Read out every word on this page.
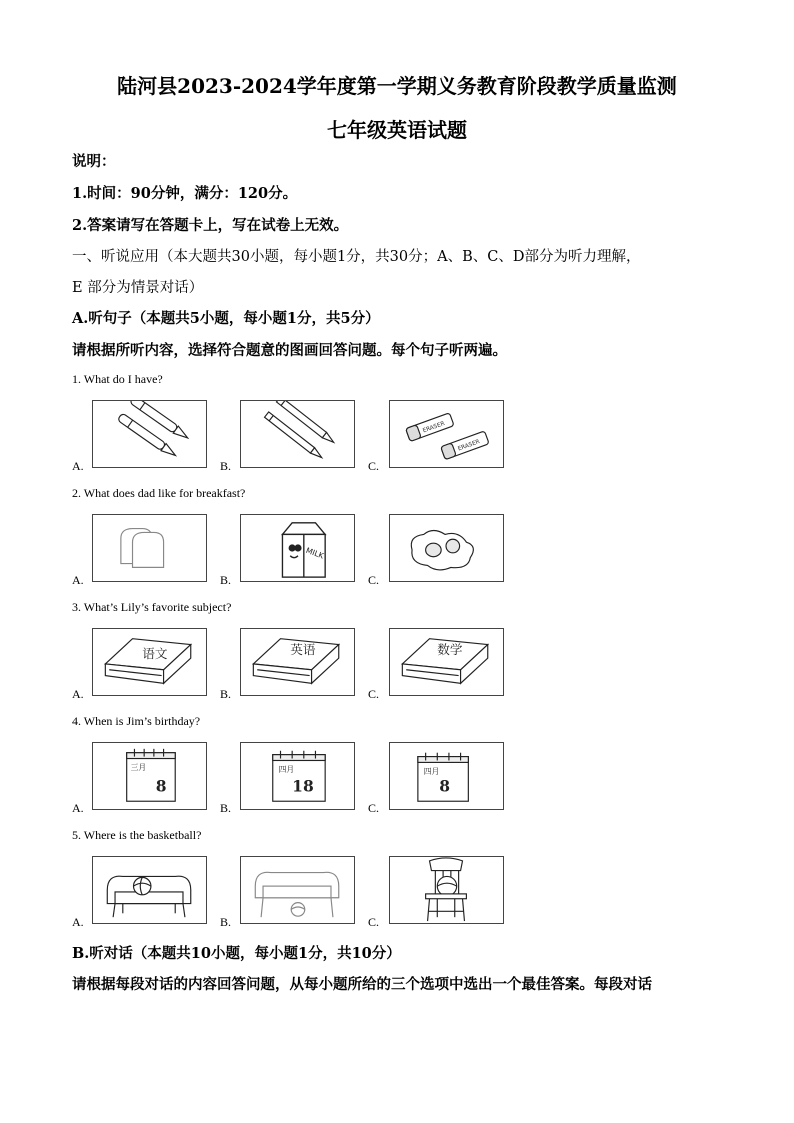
陆河县2023-2024学年度第一学期义务教育阶段教学质量监测
七年级英语试题
说明：
1.时间：90分钟，满分：120分。
2.答案请写在答题卡上，写在试卷上无效。
一、听说应用（本大题共30小题，每小题1分，共30分；A、B、C、D部分为听力理解，
E 部分为情景对话）
A.听句子（本题共5小题，每小题1分，共5分）
请根据所听内容，选择符合题意的图画回答问题。每个句子听两遍。
1. What do I have?
A.	B.	C.
ERASER
ERASER
2. What does dad like for breakfast?
A.	B.
MILK
C.
3. What’s Lily’s favorite subject?
A.
语文
B.
英语
C.
数学
4. When is Jim’s birthday?
A.
三月
8
B.
四月
18
C.
四月
8
5. Where is the basketball?
A.	B.	C.
B.听对话（本题共10小题，每小题1分，共10分）
请根据每段对话的内容回答问题，从每小题所给的三个选项中选出一个最佳答案。每段对话
